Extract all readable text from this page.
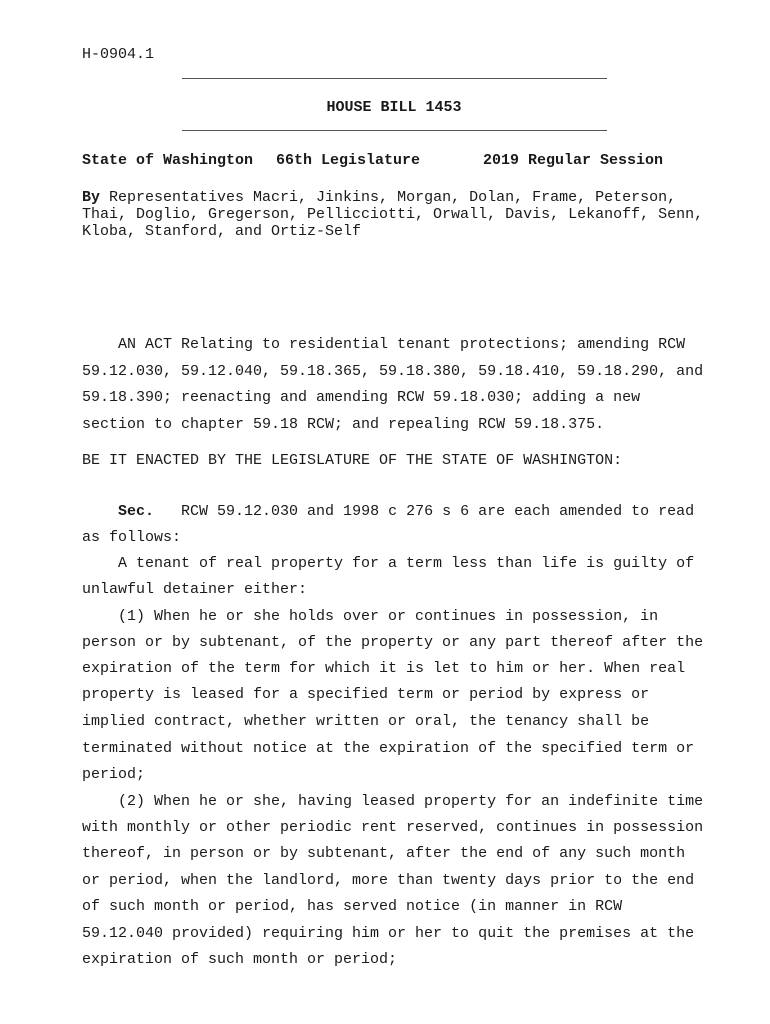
H-0904.1
HOUSE BILL 1453
State of Washington 66th Legislature	2019 Regular Session
By Representatives Macri, Jinkins, Morgan, Dolan, Frame, Peterson,
Thai, Doglio, Gregerson, Pellicciotti, Orwall, Davis, Lekanoff, Senn,
Kloba, Stanford, and Ortiz-Self
AN ACT Relating to residential tenant protections; amending RCW
59.12.030, 59.12.040, 59.18.365, 59.18.380, 59.18.410, 59.18.290, and
59.18.390; reenacting and amending RCW 59.18.030; adding a new
section to chapter 59.18 RCW; and repealing RCW 59.18.375.
BE IT ENACTED BY THE LEGISLATURE OF THE STATE OF WASHINGTON:
Sec.   RCW 59.12.030 and 1998 c 276 s 6 are each amended to read
as follows:
A tenant of real property for a term less than life is guilty of
unlawful detainer either:
(1) When he or she holds over or continues in possession, in
person or by subtenant, of the property or any part thereof after the
expiration of the term for which it is let to him or her. When real
property is leased for a specified term or period by express or
implied contract, whether written or oral, the tenancy shall be
terminated without notice at the expiration of the specified term or
period;
(2) When he or she, having leased property for an indefinite time
with monthly or other periodic rent reserved, continues in possession
thereof, in person or by subtenant, after the end of any such month
or period, when the landlord, more than twenty days prior to the end
of such month or period, has served notice (in manner in RCW
59.12.040 provided) requiring him or her to quit the premises at the
expiration of such month or period;
